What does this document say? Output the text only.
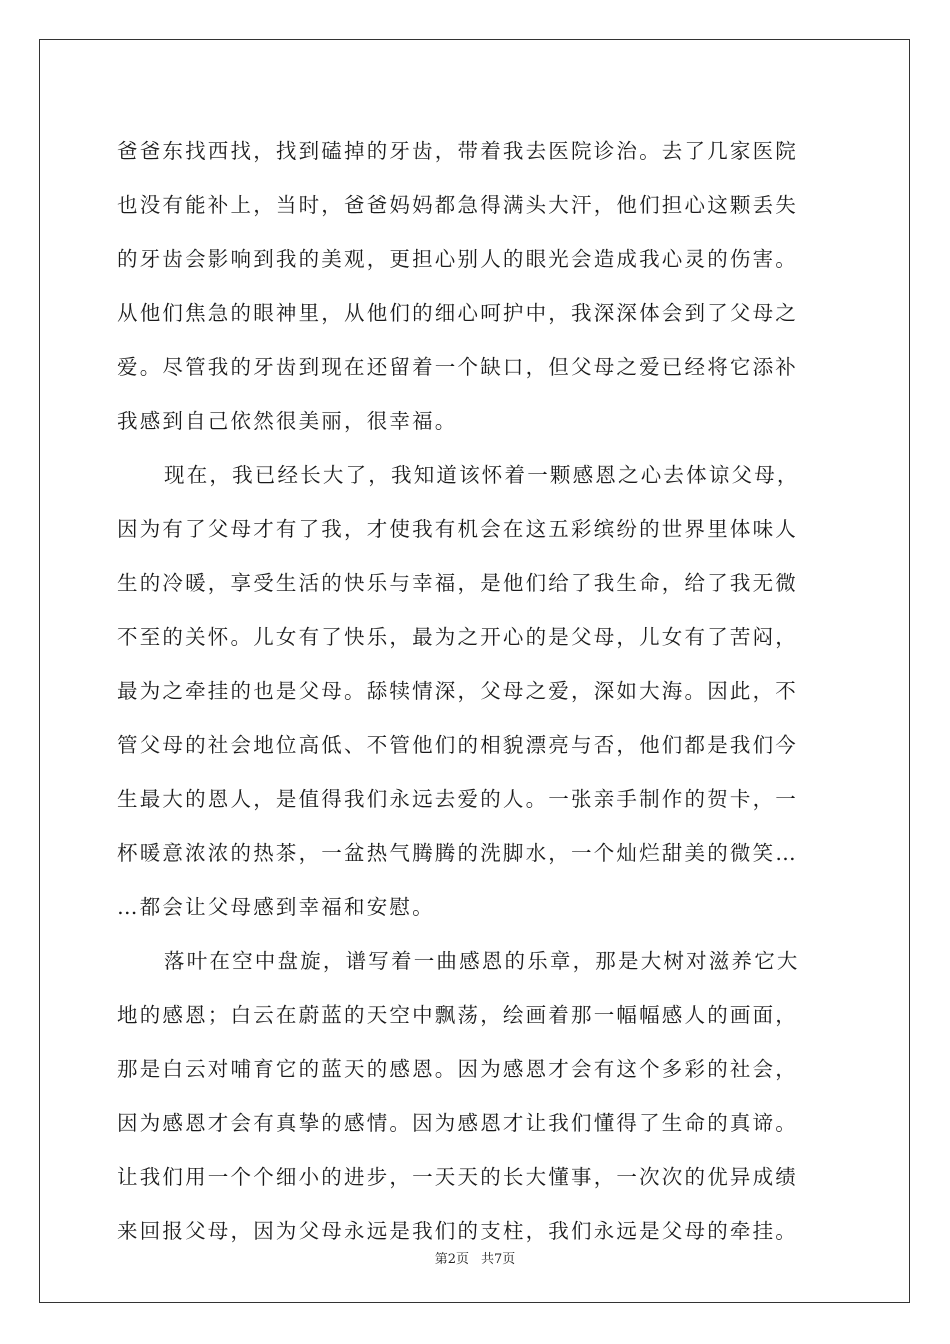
爸爸东找西找，找到磕掉的牙齿，带着我去医院诊治。去了几家医院
也没有能补上，当时，爸爸妈妈都急得满头大汗，他们担心这颗丢失
的牙齿会影响到我的美观，更担心别人的眼光会造成我心灵的伤害。
从他们焦急的眼神里，从他们的细心呵护中，我深深体会到了父母之
爱。尽管我的牙齿到现在还留着一个缺口，但父母之爱已经将它添补
我感到自己依然很美丽，很幸福。
现在，我已经长大了，我知道该怀着一颗感恩之心去体谅父母，
因为有了父母才有了我，才使我有机会在这五彩缤纷的世界里体味人
生的冷暖，享受生活的快乐与幸福，是他们给了我生命，给了我无微
不至的关怀。儿女有了快乐，最为之开心的是父母，儿女有了苦闷，
最为之牵挂的也是父母。舔犊情深，父母之爱，深如大海。因此，不
管父母的社会地位高低、不管他们的相貌漂亮与否，他们都是我们今
生最大的恩人，是值得我们永远去爱的人。一张亲手制作的贺卡，一
杯暖意浓浓的热茶，一盆热气腾腾的洗脚水，一个灿烂甜美的微笑…
…都会让父母感到幸福和安慰。
落叶在空中盘旋，谱写着一曲感恩的乐章，那是大树对滋养它大
地的感恩；白云在蔚蓝的天空中飘荡，绘画着那一幅幅感人的画面，
那是白云对哺育它的蓝天的感恩。因为感恩才会有这个多彩的社会，
因为感恩才会有真挚的感情。因为感恩才让我们懂得了生命的真谛。
让我们用一个个细小的进步，一天天的长大懂事，一次次的优异成绩
来回报父母，因为父母永远是我们的支柱，我们永远是父母的牵挂。
第2页 共7页
